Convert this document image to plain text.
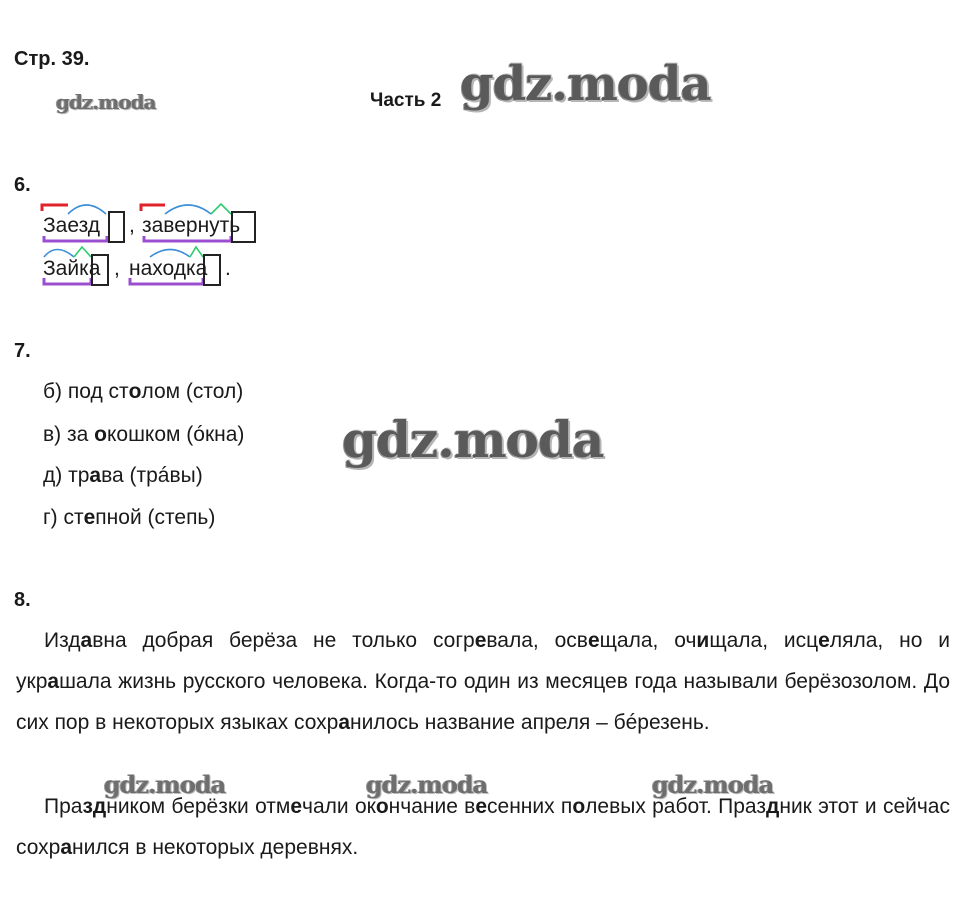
Стр. 39.
Часть 2
gdz.moda	gdz.moda
gdz.moda
gdz.moda	gdz.moda	gdz.moda
6.
Заезд , завернуть
Зайка , находка .
7.
б) под столом (стол)
в) за окошком (óкна)
д) трава (трáвы)
г) степной (степь)
8.
Издавна добрая берёза не только согревала, освещала, очищала, исцеляла, но и украшала жизнь русского человека. Когда-то один из месяцев года называли берёзозолом. До сих пор в некоторых языках сохранилось название апреля – бéрезень.
Праздником берёзки отмечали окончание весенних полевых работ. Праздник этот и сейчас сохранился в некоторых деревнях.
